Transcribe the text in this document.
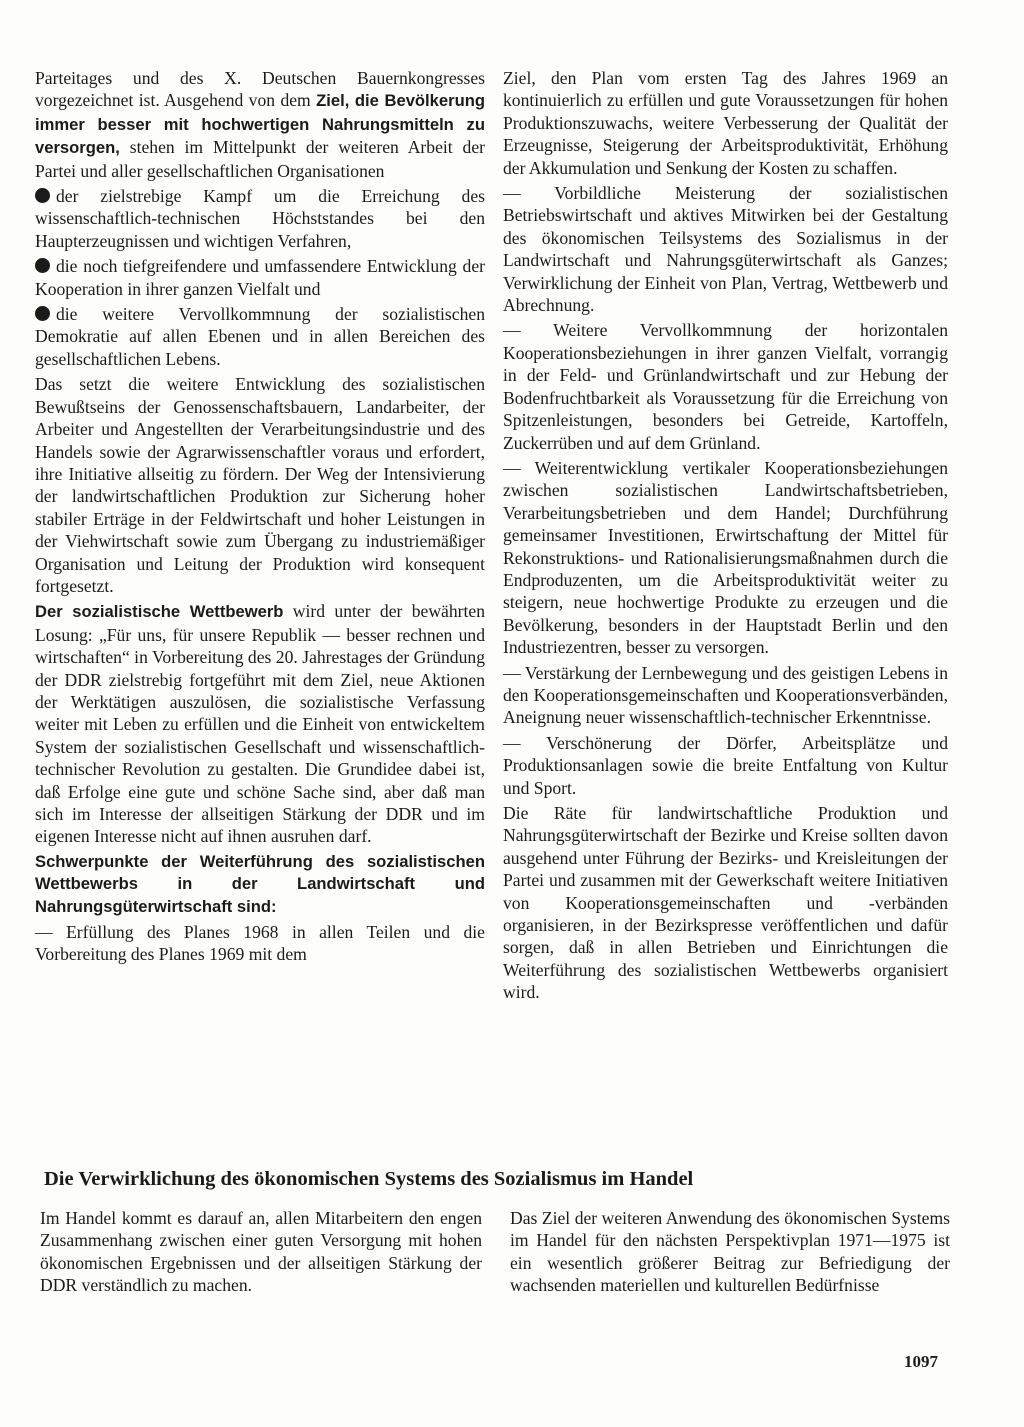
Parteitages und des X. Deutschen Bauernkongresses vorgezeichnet ist. Ausgehend von dem Ziel, die Bevölkerung immer besser mit hochwertigen Nahrungsmitteln zu versorgen, stehen im Mittelpunkt der weiteren Arbeit der Partei und aller gesellschaftlichen Organisationen

der zielstrebige Kampf um die Erreichung des wissenschaftlich-technischen Höchststandes bei den Haupterzeugnissen und wichtigen Verfahren,

die noch tiefgreifendere und umfassendere Entwicklung der Kooperation in ihrer ganzen Vielfalt und

die weitere Vervollkommnung der sozialistischen Demokratie auf allen Ebenen und in allen Bereichen des gesellschaftlichen Lebens.

Das setzt die weitere Entwicklung des sozialistischen Bewußtseins der Genossenschaftsbauern, Landarbeiter, der Arbeiter und Angestellten der Verarbeitungsindustrie und des Handels sowie der Agrarwissenschaftler voraus und erfordert, ihre Initiative allseitig zu fördern. Der Weg der Intensivierung der landwirtschaftlichen Produktion zur Sicherung hoher stabiler Erträge in der Feldwirtschaft und hoher Leistungen in der Viehwirtschaft sowie zum Übergang zu industriemäßiger Organisation und Leitung der Produktion wird konsequent fortgesetzt.

Der sozialistische Wettbewerb wird unter der bewährten Losung: „Für uns, für unsere Republik — besser rechnen und wirtschaften“ in Vorbereitung des 20. Jahrestages der Gründung der DDR zielstrebig fortgeführt mit dem Ziel, neue Aktionen der Werktätigen auszulösen, die sozialistische Verfassung weiter mit Leben zu erfüllen und die Einheit von entwickeltem System der sozialistischen Gesellschaft und wissenschaftlich-technischer Revolution zu gestalten. Die Grundidee dabei ist, daß Erfolge eine gute und schöne Sache sind, aber daß man sich im Interesse der allseitigen Stärkung der DDR und im eigenen Interesse nicht auf ihnen ausruhen darf.

Schwerpunkte der Weiterführung des sozialistischen Wettbewerbs in der Landwirtschaft und Nahrungsgüterwirtschaft sind:

— Erfüllung des Planes 1968 in allen Teilen und die Vorbereitung des Planes 1969 mit dem

Ziel, den Plan vom ersten Tag des Jahres 1969 an kontinuierlich zu erfüllen und gute Voraussetzungen für hohen Produktionszuwachs, weitere Verbesserung der Qualität der Erzeugnisse, Steigerung der Arbeitsproduktivität, Erhöhung der Akkumulation und Senkung der Kosten zu schaffen.

— Vorbildliche Meisterung der sozialistischen Betriebswirtschaft und aktives Mitwirken bei der Gestaltung des ökonomischen Teilsystems des Sozialismus in der Landwirtschaft und Nahrungsgüterwirtschaft als Ganzes; Verwirklichung der Einheit von Plan, Vertrag, Wettbewerb und Abrechnung.

— Weitere Vervollkommnung der horizontalen Kooperationsbeziehungen in ihrer ganzen Vielfalt, vorrangig in der Feld- und Grünlandwirtschaft und zur Hebung der Bodenfruchtbarkeit als Voraussetzung für die Erreichung von Spitzenleistungen, besonders bei Getreide, Kartoffeln, Zuckerrüben und auf dem Grünland.

— Weiterentwicklung vertikaler Kooperationsbeziehungen zwischen sozialistischen Landwirtschaftsbetrieben, Verarbeitungsbetrieben und dem Handel; Durchführung gemeinsamer Investitionen, Erwirtschaftung der Mittel für Rekonstruktions- und Rationalisierungsmaßnahmen durch die Endproduzenten, um die Arbeitsproduktivität weiter zu steigern, neue hochwertige Produkte zu erzeugen und die Bevölkerung, besonders in der Hauptstadt Berlin und den Industriezentren, besser zu versorgen.

— Verstärkung der Lernbewegung und des geistigen Lebens in den Kooperationsgemeinschaften und Kooperationsverbänden, Aneignung neuer wissenschaftlich-technischer Erkenntnisse.

— Verschönerung der Dörfer, Arbeitsplätze und Produktionsanlagen sowie die breite Entfaltung von Kultur und Sport.

Die Räte für landwirtschaftliche Produktion und Nahrungsgüterwirtschaft der Bezirke und Kreise sollten davon ausgehend unter Führung der Bezirks- und Kreisleitungen der Partei und zusammen mit der Gewerkschaft weitere Initiativen von Kooperationsgemeinschaften und -verbänden organisieren, in der Bezirkspresse veröffentlichen und dafür sorgen, daß in allen Betrieben und Einrichtungen die Weiterführung des sozialistischen Wettbewerbs organisiert wird.

Die Verwirklichung des ökonomischen Systems des Sozialismus im Handel

Im Handel kommt es darauf an, allen Mitarbeitern den engen Zusammenhang zwischen einer guten Versorgung mit hohen ökonomischen Ergebnissen und der allseitigen Stärkung der DDR verständlich zu machen.

Das Ziel der weiteren Anwendung des ökonomischen Systems im Handel für den nächsten Perspektivplan 1971—1975 ist ein wesentlich größerer Beitrag zur Befriedigung der wachsenden materiellen und kulturellen Bedürfnisse

1097
